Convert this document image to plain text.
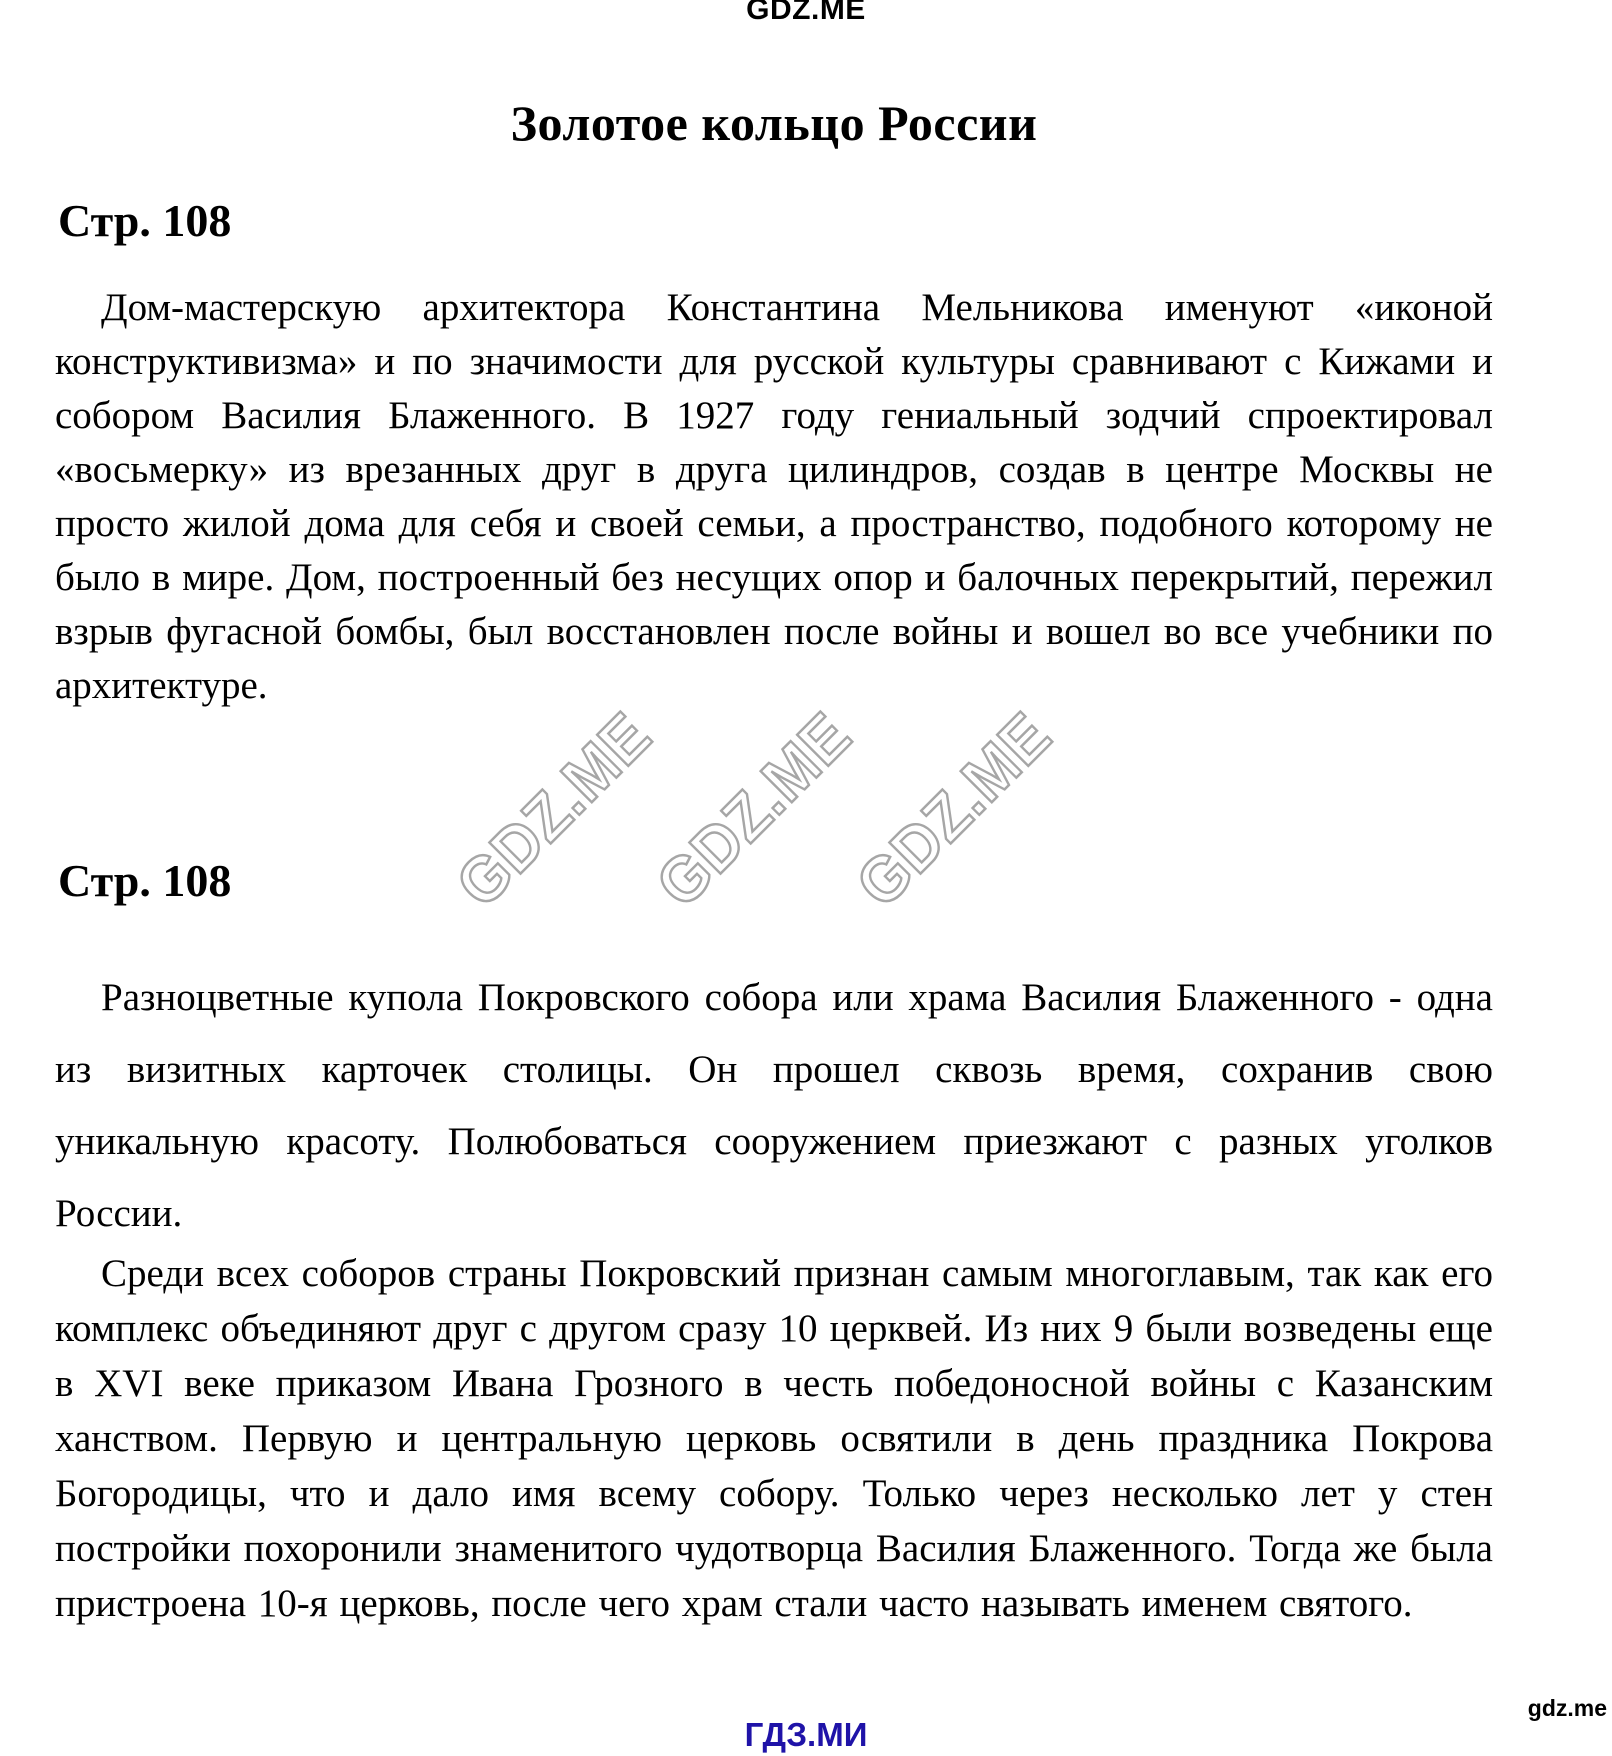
GDZ.ME
Золотое кольцо России
Стр. 108

Дом-мастерскую архитектора Константина Мельникова именуют «иконой конструктивизма» и по значимости для русской культуры сравнивают с Кижами и собором Василия Блаженного. В 1927 году гениальный зодчий спроектировал «восьмерку» из врезанных друг в друга цилиндров, создав в центре Москвы не просто жилой дома для себя и своей семьи, а пространство, подобного которому не было в мире. Дом, построенный без несущих опор и балочных перекрытий, пережил взрыв фугасной бомбы, был восстановлен после войны и вошел во все учебники по архитектуре.

GDZ.ME
GDZ.ME
GDZ.ME
Стр. 108

Разноцветные купола Покровского собора или храма Василия Блаженного - одна из визитных карточек столицы. Он прошел сквозь время, сохранив свою уникальную красоту. Полюбоваться сооружением приезжают с разных уголков России.

Среди всех соборов страны Покровский признан самым многоглавым, так как его комплекс объединяют друг с другом сразу 10 церквей. Из них 9 были возведены еще в XVI веке приказом Ивана Грозного в честь победоносной войны с Казанским ханством. Первую и центральную церковь освятили в день праздника Покрова Богородицы, что и дало имя всему собору. Только через несколько лет у стен постройки похоронили знаменитого чудотворца Василия Блаженного. Тогда же была пристроена 10-я церковь, после чего храм стали часто называть именем святого.

ГДЗ.МИ
gdz.me
